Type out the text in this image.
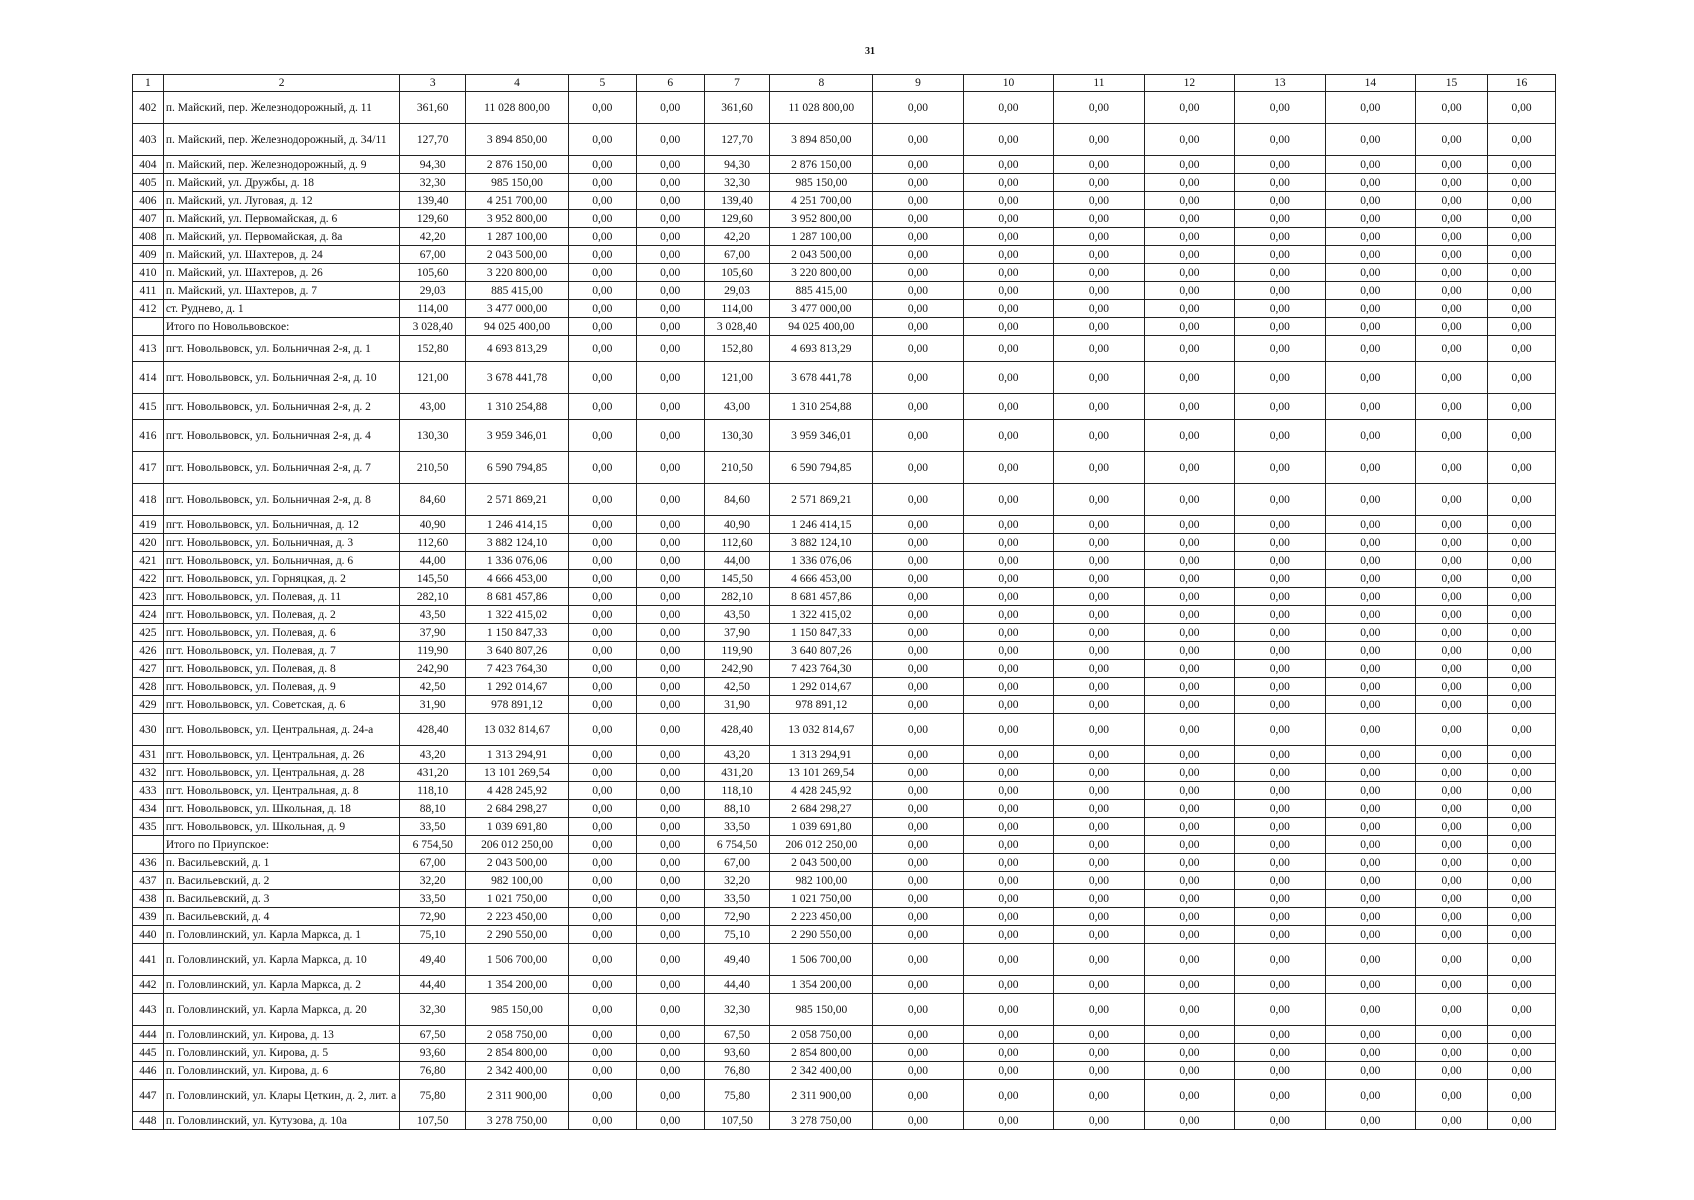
31
1	2	3	4	5	6	7	8	9	10	11	12	13	14	15	16
402	п. Майский, пер. Железнодорожный, д. 11	361,60	11 028 800,00	0,00	0,00	361,60	11 028 800,00	0,00	0,00	0,00	0,00	0,00	0,00	0,00	0,00
403	п. Майский, пер. Железнодорожный, д. 34/11	127,70	3 894 850,00	0,00	0,00	127,70	3 894 850,00	0,00	0,00	0,00	0,00	0,00	0,00	0,00	0,00
404	п. Майский, пер. Железнодорожный, д. 9	94,30	2 876 150,00	0,00	0,00	94,30	2 876 150,00	0,00	0,00	0,00	0,00	0,00	0,00	0,00	0,00
405	п. Майский, ул. Дружбы, д. 18	32,30	985 150,00	0,00	0,00	32,30	985 150,00	0,00	0,00	0,00	0,00	0,00	0,00	0,00	0,00
406	п. Майский, ул. Луговая, д. 12	139,40	4 251 700,00	0,00	0,00	139,40	4 251 700,00	0,00	0,00	0,00	0,00	0,00	0,00	0,00	0,00
407	п. Майский, ул. Первомайская, д. 6	129,60	3 952 800,00	0,00	0,00	129,60	3 952 800,00	0,00	0,00	0,00	0,00	0,00	0,00	0,00	0,00
408	п. Майский, ул. Первомайская, д. 8а	42,20	1 287 100,00	0,00	0,00	42,20	1 287 100,00	0,00	0,00	0,00	0,00	0,00	0,00	0,00	0,00
409	п. Майский, ул. Шахтеров, д. 24	67,00	2 043 500,00	0,00	0,00	67,00	2 043 500,00	0,00	0,00	0,00	0,00	0,00	0,00	0,00	0,00
410	п. Майский, ул. Шахтеров, д. 26	105,60	3 220 800,00	0,00	0,00	105,60	3 220 800,00	0,00	0,00	0,00	0,00	0,00	0,00	0,00	0,00
411	п. Майский, ул. Шахтеров, д. 7	29,03	885 415,00	0,00	0,00	29,03	885 415,00	0,00	0,00	0,00	0,00	0,00	0,00	0,00	0,00
412	ст. Руднево, д. 1	114,00	3 477 000,00	0,00	0,00	114,00	3 477 000,00	0,00	0,00	0,00	0,00	0,00	0,00	0,00	0,00
	Итого по Новольвовское:	3 028,40	94 025 400,00	0,00	0,00	3 028,40	94 025 400,00	0,00	0,00	0,00	0,00	0,00	0,00	0,00	0,00
413	пгт. Новольвовск, ул. Больничная 2-я, д. 1	152,80	4 693 813,29	0,00	0,00	152,80	4 693 813,29	0,00	0,00	0,00	0,00	0,00	0,00	0,00	0,00
414	пгт. Новольвовск, ул. Больничная 2-я, д. 10	121,00	3 678 441,78	0,00	0,00	121,00	3 678 441,78	0,00	0,00	0,00	0,00	0,00	0,00	0,00	0,00
415	пгт. Новольвовск, ул. Больничная 2-я, д. 2	43,00	1 310 254,88	0,00	0,00	43,00	1 310 254,88	0,00	0,00	0,00	0,00	0,00	0,00	0,00	0,00
416	пгт. Новольвовск, ул. Больничная 2-я, д. 4	130,30	3 959 346,01	0,00	0,00	130,30	3 959 346,01	0,00	0,00	0,00	0,00	0,00	0,00	0,00	0,00
417	пгт. Новольвовск, ул. Больничная 2-я, д. 7	210,50	6 590 794,85	0,00	0,00	210,50	6 590 794,85	0,00	0,00	0,00	0,00	0,00	0,00	0,00	0,00
418	пгт. Новольвовск, ул. Больничная 2-я, д. 8	84,60	2 571 869,21	0,00	0,00	84,60	2 571 869,21	0,00	0,00	0,00	0,00	0,00	0,00	0,00	0,00
419	пгт. Новольвовск, ул. Больничная, д. 12	40,90	1 246 414,15	0,00	0,00	40,90	1 246 414,15	0,00	0,00	0,00	0,00	0,00	0,00	0,00	0,00
420	пгт. Новольвовск, ул. Больничная, д. 3	112,60	3 882 124,10	0,00	0,00	112,60	3 882 124,10	0,00	0,00	0,00	0,00	0,00	0,00	0,00	0,00
421	пгт. Новольвовск, ул. Больничная, д. 6	44,00	1 336 076,06	0,00	0,00	44,00	1 336 076,06	0,00	0,00	0,00	0,00	0,00	0,00	0,00	0,00
422	пгт. Новольвовск, ул. Горняцкая, д. 2	145,50	4 666 453,00	0,00	0,00	145,50	4 666 453,00	0,00	0,00	0,00	0,00	0,00	0,00	0,00	0,00
423	пгт. Новольвовск, ул. Полевая, д. 11	282,10	8 681 457,86	0,00	0,00	282,10	8 681 457,86	0,00	0,00	0,00	0,00	0,00	0,00	0,00	0,00
424	пгт. Новольвовск, ул. Полевая, д. 2	43,50	1 322 415,02	0,00	0,00	43,50	1 322 415,02	0,00	0,00	0,00	0,00	0,00	0,00	0,00	0,00
425	пгт. Новольвовск, ул. Полевая, д. 6	37,90	1 150 847,33	0,00	0,00	37,90	1 150 847,33	0,00	0,00	0,00	0,00	0,00	0,00	0,00	0,00
426	пгт. Новольвовск, ул. Полевая, д. 7	119,90	3 640 807,26	0,00	0,00	119,90	3 640 807,26	0,00	0,00	0,00	0,00	0,00	0,00	0,00	0,00
427	пгт. Новольвовск, ул. Полевая, д. 8	242,90	7 423 764,30	0,00	0,00	242,90	7 423 764,30	0,00	0,00	0,00	0,00	0,00	0,00	0,00	0,00
428	пгт. Новольвовск, ул. Полевая, д. 9	42,50	1 292 014,67	0,00	0,00	42,50	1 292 014,67	0,00	0,00	0,00	0,00	0,00	0,00	0,00	0,00
429	пгт. Новольвовск, ул. Советская, д. 6	31,90	978 891,12	0,00	0,00	31,90	978 891,12	0,00	0,00	0,00	0,00	0,00	0,00	0,00	0,00
430	пгт. Новольвовск, ул. Центральная, д. 24-а	428,40	13 032 814,67	0,00	0,00	428,40	13 032 814,67	0,00	0,00	0,00	0,00	0,00	0,00	0,00	0,00
431	пгт. Новольвовск, ул. Центральная, д. 26	43,20	1 313 294,91	0,00	0,00	43,20	1 313 294,91	0,00	0,00	0,00	0,00	0,00	0,00	0,00	0,00
432	пгт. Новольвовск, ул. Центральная, д. 28	431,20	13 101 269,54	0,00	0,00	431,20	13 101 269,54	0,00	0,00	0,00	0,00	0,00	0,00	0,00	0,00
433	пгт. Новольвовск, ул. Центральная, д. 8	118,10	4 428 245,92	0,00	0,00	118,10	4 428 245,92	0,00	0,00	0,00	0,00	0,00	0,00	0,00	0,00
434	пгт. Новольвовск, ул. Школьная, д. 18	88,10	2 684 298,27	0,00	0,00	88,10	2 684 298,27	0,00	0,00	0,00	0,00	0,00	0,00	0,00	0,00
435	пгт. Новольвовск, ул. Школьная, д. 9	33,50	1 039 691,80	0,00	0,00	33,50	1 039 691,80	0,00	0,00	0,00	0,00	0,00	0,00	0,00	0,00
	Итого по Приупское:	6 754,50	206 012 250,00	0,00	0,00	6 754,50	206 012 250,00	0,00	0,00	0,00	0,00	0,00	0,00	0,00	0,00
436	п. Васильевский, д. 1	67,00	2 043 500,00	0,00	0,00	67,00	2 043 500,00	0,00	0,00	0,00	0,00	0,00	0,00	0,00	0,00
437	п. Васильевский, д. 2	32,20	982 100,00	0,00	0,00	32,20	982 100,00	0,00	0,00	0,00	0,00	0,00	0,00	0,00	0,00
438	п. Васильевский, д. 3	33,50	1 021 750,00	0,00	0,00	33,50	1 021 750,00	0,00	0,00	0,00	0,00	0,00	0,00	0,00	0,00
439	п. Васильевский, д. 4	72,90	2 223 450,00	0,00	0,00	72,90	2 223 450,00	0,00	0,00	0,00	0,00	0,00	0,00	0,00	0,00
440	п. Головлинский, ул. Карла Маркса, д. 1	75,10	2 290 550,00	0,00	0,00	75,10	2 290 550,00	0,00	0,00	0,00	0,00	0,00	0,00	0,00	0,00
441	п. Головлинский, ул. Карла Маркса, д. 10	49,40	1 506 700,00	0,00	0,00	49,40	1 506 700,00	0,00	0,00	0,00	0,00	0,00	0,00	0,00	0,00
442	п. Головлинский, ул. Карла Маркса, д. 2	44,40	1 354 200,00	0,00	0,00	44,40	1 354 200,00	0,00	0,00	0,00	0,00	0,00	0,00	0,00	0,00
443	п. Головлинский, ул. Карла Маркса, д. 20	32,30	985 150,00	0,00	0,00	32,30	985 150,00	0,00	0,00	0,00	0,00	0,00	0,00	0,00	0,00
444	п. Головлинский, ул. Кирова, д. 13	67,50	2 058 750,00	0,00	0,00	67,50	2 058 750,00	0,00	0,00	0,00	0,00	0,00	0,00	0,00	0,00
445	п. Головлинский, ул. Кирова, д. 5	93,60	2 854 800,00	0,00	0,00	93,60	2 854 800,00	0,00	0,00	0,00	0,00	0,00	0,00	0,00	0,00
446	п. Головлинский, ул. Кирова, д. 6	76,80	2 342 400,00	0,00	0,00	76,80	2 342 400,00	0,00	0,00	0,00	0,00	0,00	0,00	0,00	0,00
447	п. Головлинский, ул. Клары Цеткин, д. 2, лит. а	75,80	2 311 900,00	0,00	0,00	75,80	2 311 900,00	0,00	0,00	0,00	0,00	0,00	0,00	0,00	0,00
448	п. Головлинский, ул. Кутузова, д. 10а	107,50	3 278 750,00	0,00	0,00	107,50	3 278 750,00	0,00	0,00	0,00	0,00	0,00	0,00	0,00	0,00
